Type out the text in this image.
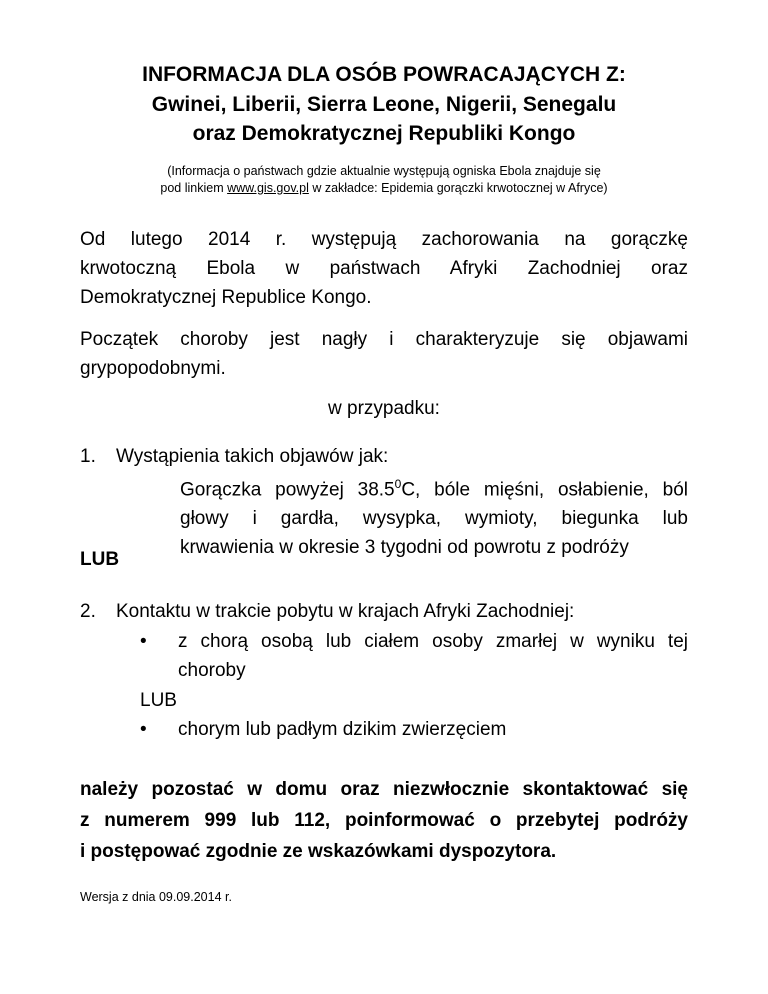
INFORMACJA DLA OSÓB POWRACAJĄCYCH Z:
Gwinei, Liberii, Sierra Leone, Nigerii, Senegalu
oraz Demokratycznej Republiki Kongo
(Informacja o państwach gdzie aktualnie występują ogniska Ebola znajduje się
pod linkiem www.gis.gov.pl w zakładce: Epidemia gorączki krwotocznej w Afryce)
Od lutego 2014 r. występują zachorowania na gorączkę
krwotoczną Ebola w państwach Afryki Zachodniej oraz
Demokratycznej Republice Kongo.
Początek choroby jest nagły i charakteryzuje się objawami
grypopodobnymi.
w przypadku:
1. Wystąpienia takich objawów jak:
Gorączka powyżej 38.5$^0$C, bóle mięśni, osłabienie, ból
głowy i gardła, wysypka, wymioty, biegunka lub
krwawienia w okresie 3 tygodni od powrotu z podróży
LUB
2. Kontaktu w trakcie pobytu w krajach Afryki Zachodniej:
•	z chorą osobą lub ciałem osoby zmarłej w wyniku tej
choroby
LUB
•	chorym lub padłym dzikim zwierzęciem
należy pozostać w domu oraz niezwłocznie skontaktować się
z numerem 999 lub 112, poinformować o przebytej podróży
i postępować zgodnie ze wskazówkami dyspozytora.
Wersja z dnia 09.09.2014 r.
